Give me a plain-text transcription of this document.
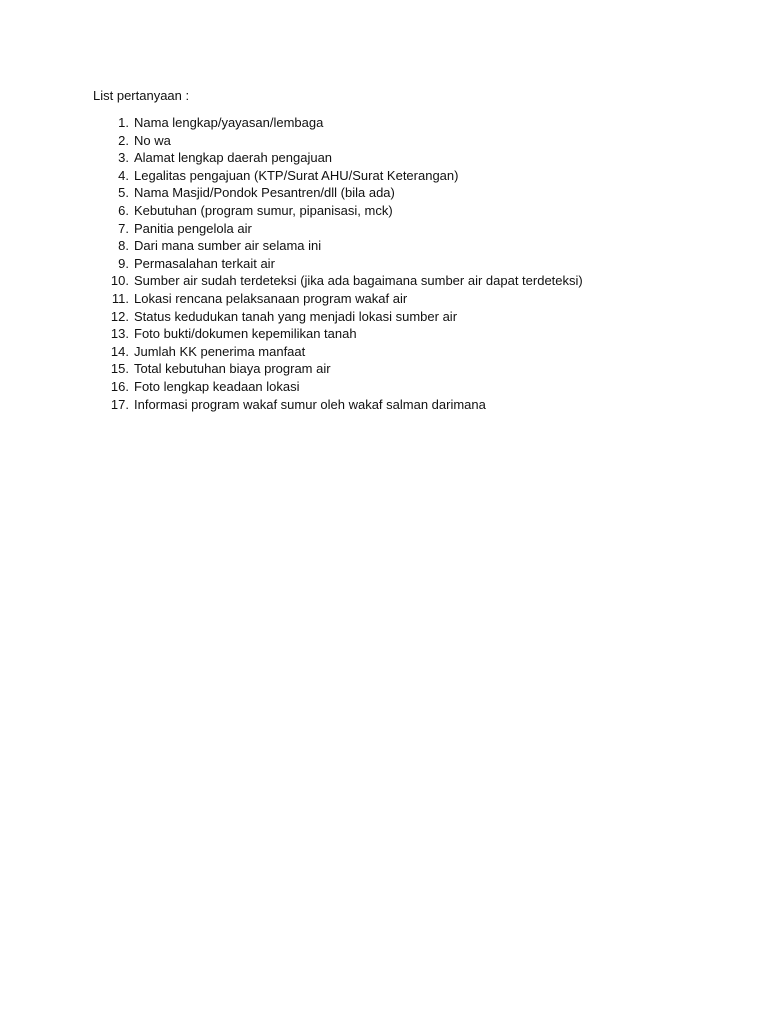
List pertanyaan :
1. Nama lengkap/yayasan/lembaga
2. No wa
3. Alamat lengkap daerah pengajuan
4. Legalitas pengajuan (KTP/Surat AHU/Surat Keterangan)
5. Nama Masjid/Pondok Pesantren/dll (bila ada)
6. Kebutuhan (program sumur, pipanisasi, mck)
7. Panitia pengelola air
8. Dari mana sumber air selama ini
9. Permasalahan terkait air
10. Sumber air sudah terdeteksi (jika ada bagaimana sumber air dapat terdeteksi)
11. Lokasi rencana pelaksanaan program wakaf air
12. Status kedudukan tanah yang menjadi lokasi sumber air
13. Foto bukti/dokumen kepemilikan tanah
14. Jumlah KK penerima manfaat
15. Total kebutuhan biaya program air
16. Foto lengkap keadaan lokasi
17. Informasi program wakaf sumur oleh wakaf salman darimana
